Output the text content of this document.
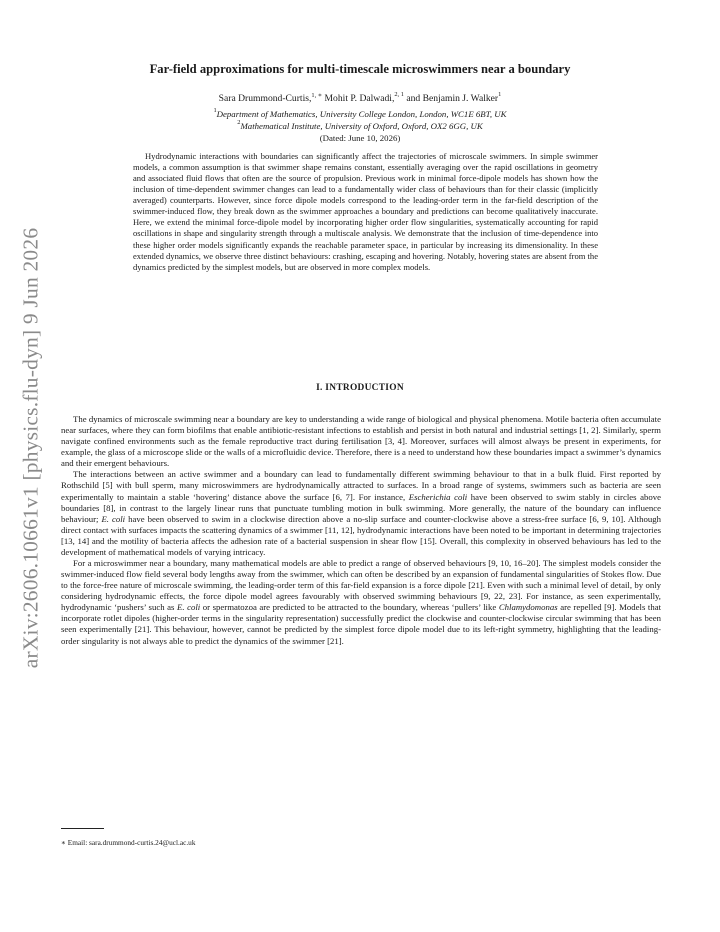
arXiv:2606.10661v1 [physics.flu-dyn] 9 Jun 2026
Far-field approximations for multi-timescale microswimmers near a boundary
Sara Drummond-Curtis,$^{1, ∗}$ Mohit P. Dalwadi,$^{2, 1}$ and Benjamin J. Walker$^1$
$^1$Department of Mathematics, University College London, London, WC1E 6BT, UK
$^2$Mathematical Institute, University of Oxford, Oxford, OX2 6GG, UK
(Dated: June 10, 2026)

Hydrodynamic interactions with boundaries can significantly affect the trajectories of microscale swimmers. In simple swimmer models, a common assumption is that swimmer shape remains constant, essentially averaging over the rapid oscillations in geometry and associated fluid flows that often are the source of propulsion. Previous work in minimal force-dipole models has shown how the inclusion of time-dependent swimmer changes can lead to a fundamentally wider class of behaviours than for their classic (implicitly averaged) counterparts. However, since force dipole models correspond to the leading-order term in the far-field description of the swimmer-induced flow, they break down as the swimmer approaches a boundary and predictions can become qualitatively inaccurate. Here, we extend the minimal force-dipole model by incorporating higher order flow singularities, systematically accounting for rapid oscillations in shape and singularity strength through a multiscale analysis. We demonstrate that the inclusion of time-dependence into these higher order models significantly expands the reachable parameter space, in particular by increasing its dimensionality. In these extended dynamics, we observe three distinct behaviours: crashing, escaping and hovering. Notably, hovering states are absent from the dynamics predicted by the simplest models, but are observed in more complex models.

I. INTRODUCTION

The dynamics of microscale swimming near a boundary are key to understanding a wide range of biological and physical phenomena. Motile bacteria often accumulate near surfaces, where they can form biofilms that enable antibiotic-resistant infections to establish and persist in both natural and industrial settings [1, 2]. Similarly, sperm navigate confined environments such as the female reproductive tract during fertilisation [3, 4]. Moreover, surfaces will almost always be present in experiments, for example, the glass of a microscope slide or the walls of a microfluidic device. Therefore, there is a need to understand how these boundaries impact a swimmer’s dynamics and their emergent behaviours.

The interactions between an active swimmer and a boundary can lead to fundamentally different swimming behaviour to that in a bulk fluid. First reported by Rothschild [5] with bull sperm, many microswimmers are hydrodynamically attracted to surfaces. In a broad range of systems, swimmers such as bacteria are seen experimentally to maintain a stable ‘hovering’ distance above the surface [6, 7]. For instance, Escherichia coli have been observed to swim stably in circles above boundaries [8], in contrast to the largely linear runs that punctuate tumbling motion in bulk swimming. More generally, the nature of the boundary can influence behaviour; E. coli have been observed to swim in a clockwise direction above a no-slip surface and counter-clockwise above a stress-free surface [6, 9, 10]. Although direct contact with surfaces impacts the scattering dynamics of a swimmer [11, 12], hydrodynamic interactions have been noted to be important in determining trajectories [13, 14] and the motility of bacteria affects the adhesion rate of a bacterial suspension in shear flow [15]. Overall, this complexity in observed behaviours has led to the development of mathematical models of varying intricacy.

For a microswimmer near a boundary, many mathematical models are able to predict a range of observed behaviours [9, 10, 16–20]. The simplest models consider the swimmer-induced flow field several body lengths away from the swimmer, which can often be described by an expansion of fundamental singularities of Stokes flow. Due to the force-free nature of microscale swimming, the leading-order term of this far-field expansion is a force dipole [21]. Even with such a minimal level of detail, by only considering hydrodynamic effects, the force dipole model agrees favourably with observed swimming behaviours [9, 22, 23]. For instance, as seen experimentally, hydrodynamic ‘pushers’ such as E. coli or spermatozoa are predicted to be attracted to the boundary, whereas ‘pullers’ like Chlamydomonas are repelled [9]. Models that incorporate rotlet dipoles (higher-order terms in the singularity representation) successfully predict the clockwise and counter-clockwise circular swimming that has been seen experimentally [21]. This behaviour, however, cannot be predicted by the simplest force dipole model due to its left-right symmetry, highlighting that the leading-order singularity is not always able to predict the dynamics of the swimmer [21].

∗ Email: sara.drummond-curtis.24@ucl.ac.uk
